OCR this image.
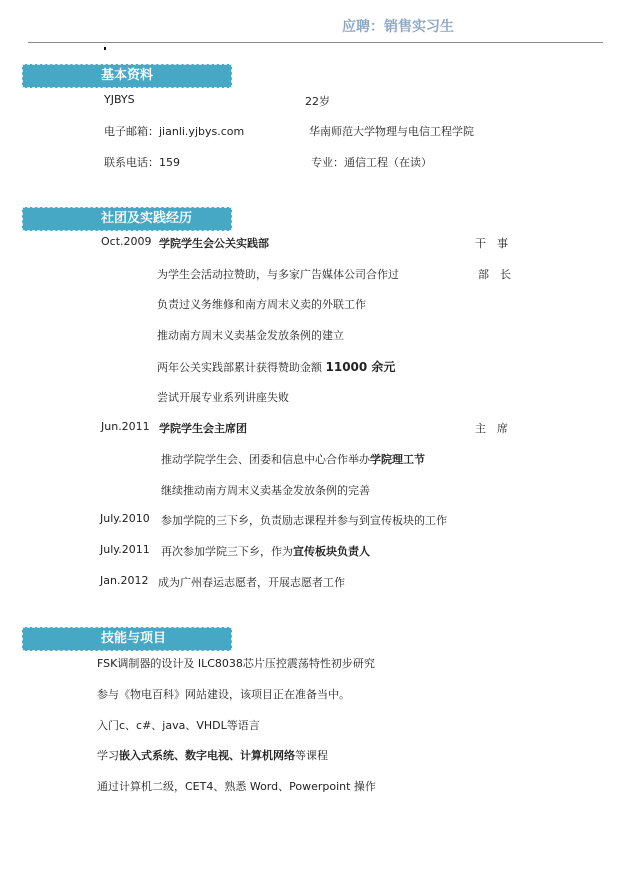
应聘：销售实习生
基本资料
YJBYS	22岁
电子邮箱：jianli.yjbys.com	华南师范大学物理与电信工程学院
联系电话：159	专业：通信工程（在读）
社团及实践经历
Oct.2009 学院学生会公关实践部	干　事
为学生会活动拉赞助，与多家广告媒体公司合作过	部　长
负责过义务维修和南方周末义卖的外联工作
推动南方周末义卖基金发放条例的建立
两年公关实践部累计获得赞助金额 11000 余元
尝试开展专业系列讲座失败
Jun.2011 学院学生会主席团	主　席
推动学院学生会、团委和信息中心合作举办学院理工节
继续推动南方周末义卖基金发放条例的完善
July.2010 参加学院的三下乡，负责励志课程并参与到宣传板块的工作
July.2011 再次参加学院三下乡，作为宣传板块负责人
Jan.2012 成为广州春运志愿者，开展志愿者工作
技能与项目
FSK调制器的设计及 ILC8038芯片压控震荡特性初步研究
参与《物电百科》网站建设，该项目正在准备当中。
入门c、c#、java、VHDL等语言
学习嵌入式系统、数字电视、计算机网络等课程
通过计算机二级，CET4、熟悉 Word、Powerpoint 操作
